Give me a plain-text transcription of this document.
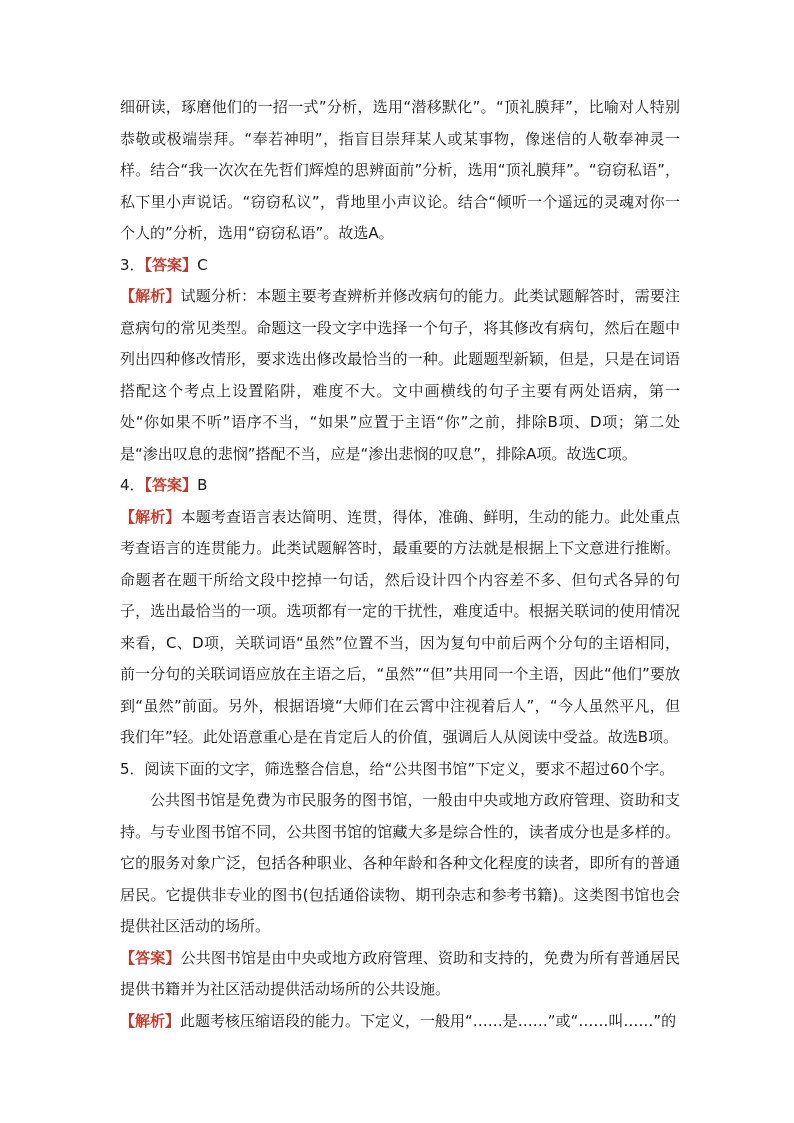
细研读，琢磨他们的一招一式”分析，选用“潜移默化”。“顶礼膜拜”，比喻对人特别恭敬或极端崇拜。“奉若神明”，指盲目崇拜某人或某事物，像迷信的人敬奉神灵一样。结合“我一次次在先哲们辉煌的思辨面前”分析，选用“顶礼膜拜”。“窃窃私语”，私下里小声说话。“窃窃私议”，背地里小声议论。结合“倾听一个遥远的灵魂对你一个人的”分析，选用“窃窃私语”。故选A。

3．【答案】C

【解析】试题分析：本题主要考查辨析并修改病句的能力。此类试题解答时，需要注意病句的常见类型。命题这一段文字中选择一个句子，将其修改有病句，然后在题中列出四种修改情形，要求选出修改最恰当的一种。此题题型新颖，但是，只是在词语搭配这个考点上设置陷阱，难度不大。文中画横线的句子主要有两处语病，第一处“你如果不听”语序不当，“如果”应置于主语“你”之前，排除B项、D项；第二处是“渗出叹息的悲悯”搭配不当，应是“渗出悲悯的叹息”，排除A项。故选C项。

4．【答案】B

【解析】本题考查语言表达简明、连贯，得体，准确、鲜明，生动的能力。此处重点考查语言的连贯能力。此类试题解答时，最重要的方法就是根据上下文意进行推断。命题者在题干所给文段中挖掉一句话，然后设计四个内容差不多、但句式各异的句子，选出最恰当的一项。选项都有一定的干扰性，难度适中。根据关联词的使用情况来看，C、D项，关联词语“虽然”位置不当，因为复句中前后两个分句的主语相同，前一分句的关联词语应放在主语之后，“虽然”“但”共用同一个主语，因此“他们”要放到“虽然”前面。另外，根据语境“大师们在云霄中注视着后人”，“今人虽然平凡，但我们年”轻。此处语意重心是在肯定后人的价值，强调后人从阅读中受益。故选B项。

5．阅读下面的文字，筛选整合信息，给“公共图书馆”下定义，要求不超过60个字。

公共图书馆是免费为市民服务的图书馆，一般由中央或地方政府管理、资助和支持。与专业图书馆不同，公共图书馆的馆藏大多是综合性的，读者成分也是多样的。它的服务对象广泛，包括各种职业、各种年龄和各种文化程度的读者，即所有的普通居民。它提供非专业的图书(包括通俗读物、期刊杂志和参考书籍)。这类图书馆也会提供社区活动的场所。

【答案】公共图书馆是由中央或地方政府管理、资助和支持的，免费为所有普通居民提供书籍并为社区活动提供活动场所的公共设施。

【解析】此题考核压缩语段的能力。下定义，一般用“……是……”或“……叫……”的
